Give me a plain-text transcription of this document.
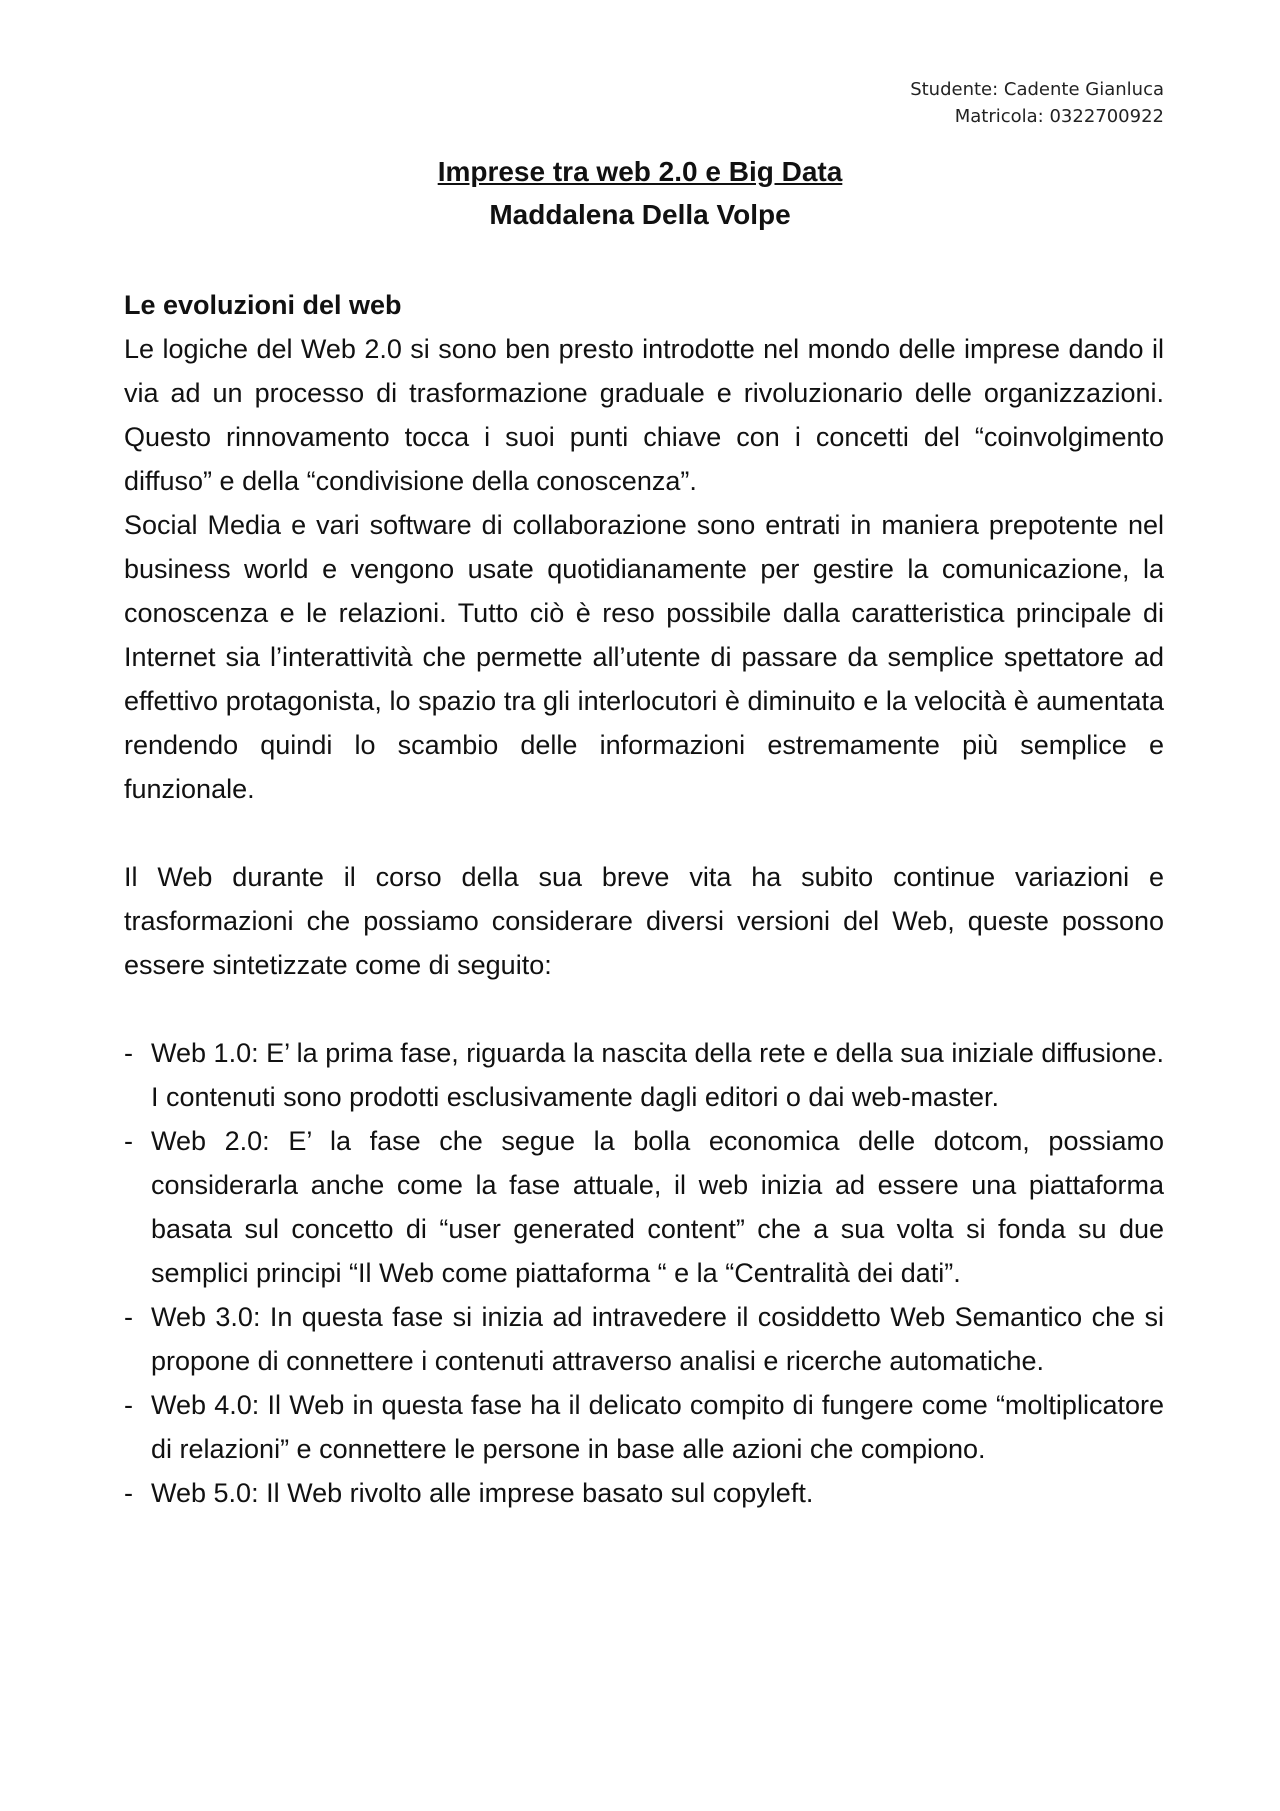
Studente: Cadente Gianluca
Matricola: 0322700922
Imprese tra web 2.0 e Big Data
Maddalena Della Volpe

Le evoluzioni del web

Le logiche del Web 2.0 si sono ben presto introdotte nel mondo delle imprese dando il via ad un processo di trasformazione graduale e rivoluzionario delle organizzazioni. Questo rinnovamento tocca i suoi punti chiave con i concetti del “coinvolgimento diffuso” e della “condivisione della conoscenza”.

Social Media e vari software di collaborazione sono entrati in maniera prepotente nel business world e vengono usate quotidianamente per gestire la comunicazione, la conoscenza e le relazioni. Tutto ciò è reso possibile dalla caratteristica principale di Internet sia l’interattività che permette all’utente di passare da semplice spettatore ad effettivo protagonista, lo spazio tra gli interlocutori è diminuito e la velocità è aumentata rendendo quindi lo scambio delle informazioni estremamente più semplice e funzionale.

Il Web durante il corso della sua breve vita ha subito continue variazioni e trasformazioni che possiamo considerare diversi versioni del Web, queste possono essere sintetizzate come di seguito:

- Web 1.0: E’ la prima fase, riguarda la nascita della rete e della sua iniziale diffusione. I contenuti sono prodotti esclusivamente dagli editori o dai web-master.
- Web 2.0: E’ la fase che segue la bolla economica delle dotcom, possiamo considerarla anche come la fase attuale, il web inizia ad essere una piattaforma basata sul concetto di “user generated content” che a sua volta si fonda su due semplici principi “Il Web come piattaforma “ e la “Centralità dei dati”.
- Web 3.0: In questa fase si inizia ad intravedere il cosiddetto Web Semantico che si propone di connettere i contenuti attraverso analisi e ricerche automatiche.
- Web 4.0: Il Web in questa fase ha il delicato compito di fungere come “moltiplicatore di relazioni” e connettere le persone in base alle azioni che compiono.
- Web 5.0: Il Web rivolto alle imprese basato sul copyleft.
